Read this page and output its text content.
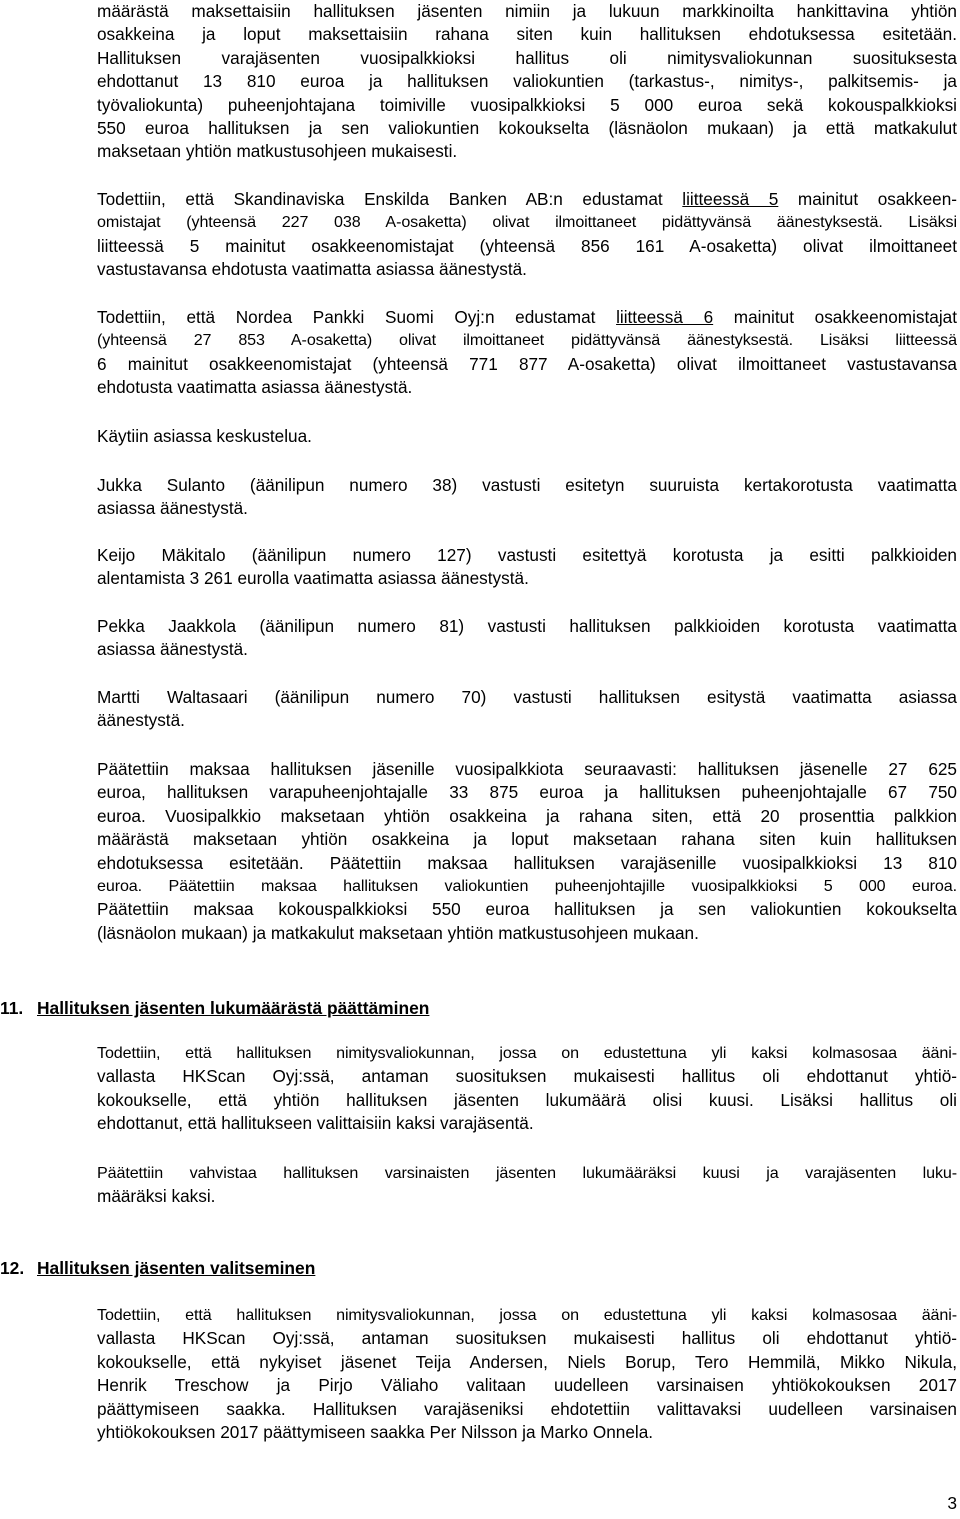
määrästä maksettaisiin hallituksen jäsenten nimiin ja lukuun markkinoilta hankittavina yhtiön
osakkeina ja loput maksettaisiin rahana siten kuin hallituksen ehdotuksessa esitetään.
Hallituksen varajäsenten vuosipalkkioksi hallitus oli nimitysvaliokunnan suosituksesta
ehdottanut 13 810 euroa ja hallituksen valiokuntien (tarkastus-, nimitys-, palkitsemis- ja
työvaliokunta) puheenjohtajana toimiville vuosipalkkioksi 5 000 euroa sekä kokouspalkkioksi
550 euroa hallituksen ja sen valiokuntien kokoukselta (läsnäolon mukaan) ja että matkakulut
maksetaan yhtiön matkustusohjeen mukaisesti.
Todettiin, että Skandinaviska Enskilda Banken AB:n edustamat liitteessä 5 mainitut osakkeen-
omistajat (yhteensä 227 038 A-osaketta) olivat ilmoittaneet pidättyvänsä äänestyksestä. Lisäksi
liitteessä 5 mainitut osakkeenomistajat (yhteensä 856 161 A-osaketta) olivat ilmoittaneet
vastustavansa ehdotusta vaatimatta asiassa äänestystä.
Todettiin, että Nordea Pankki Suomi Oyj:n edustamat liitteessä 6 mainitut osakkeenomistajat
(yhteensä 27 853 A-osaketta) olivat ilmoittaneet pidättyvänsä äänestyksestä. Lisäksi liitteessä
6 mainitut osakkeenomistajat (yhteensä 771 877 A-osaketta) olivat ilmoittaneet vastustavansa
ehdotusta vaatimatta asiassa äänestystä.
Käytiin asiassa keskustelua.
Jukka Sulanto (äänilipun numero 38) vastusti esitetyn suuruista kertakorotusta vaatimatta
asiassa äänestystä.
Keijo Mäkitalo (äänilipun numero 127) vastusti esitettyä korotusta ja esitti palkkioiden
alentamista 3 261 eurolla vaatimatta asiassa äänestystä.
Pekka Jaakkola (äänilipun numero 81) vastusti hallituksen palkkioiden korotusta vaatimatta
asiassa äänestystä.
Martti Waltasaari (äänilipun numero 70) vastusti hallituksen esitystä vaatimatta asiassa
äänestystä.
Päätettiin maksaa hallituksen jäsenille vuosipalkkiota seuraavasti: hallituksen jäsenelle 27 625
euroa, hallituksen varapuheenjohtajalle 33 875 euroa ja hallituksen puheenjohtajalle 67 750
euroa. Vuosipalkkio maksetaan yhtiön osakkeina ja rahana siten, että 20 prosenttia palkkion
määrästä maksetaan yhtiön osakkeina ja loput maksetaan rahana siten kuin hallituksen
ehdotuksessa esitetään. Päätettiin maksaa hallituksen varajäsenille vuosipalkkioksi 13 810
euroa. Päätettiin maksaa hallituksen valiokuntien puheenjohtajille vuosipalkkioksi 5 000 euroa.
Päätettiin maksaa kokouspalkkioksi 550 euroa hallituksen ja sen valiokuntien kokoukselta
(läsnäolon mukaan) ja matkakulut maksetaan yhtiön matkustusohjeen mukaan.
11. Hallituksen jäsenten lukumäärästä päättäminen
Todettiin, että hallituksen nimitysvaliokunnan, jossa on edustettuna yli kaksi kolmasosaa ääni-
vallasta HKScan Oyj:ssä, antaman suosituksen mukaisesti hallitus oli ehdottanut yhtiö-
kokoukselle, että yhtiön hallituksen jäsenten lukumäärä olisi kuusi. Lisäksi hallitus oli
ehdottanut, että hallitukseen valittaisiin kaksi varajäsentä.
Päätettiin vahvistaa hallituksen varsinaisten jäsenten lukumääräksi kuusi ja varajäsenten luku-
määräksi kaksi.
12. Hallituksen jäsenten valitseminen
Todettiin, että hallituksen nimitysvaliokunnan, jossa on edustettuna yli kaksi kolmasosaa ääni-
vallasta HKScan Oyj:ssä, antaman suosituksen mukaisesti hallitus oli ehdottanut yhtiö-
kokoukselle, että nykyiset jäsenet Teija Andersen, Niels Borup, Tero Hemmilä, Mikko Nikula,
Henrik Treschow ja Pirjo Väliaho valitaan uudelleen varsinaisen yhtiökokouksen 2017
päättymiseen saakka. Hallituksen varajäseniksi ehdotettiin valittavaksi uudelleen varsinaisen
yhtiökokouksen 2017 päättymiseen saakka Per Nilsson ja Marko Onnela.
3
